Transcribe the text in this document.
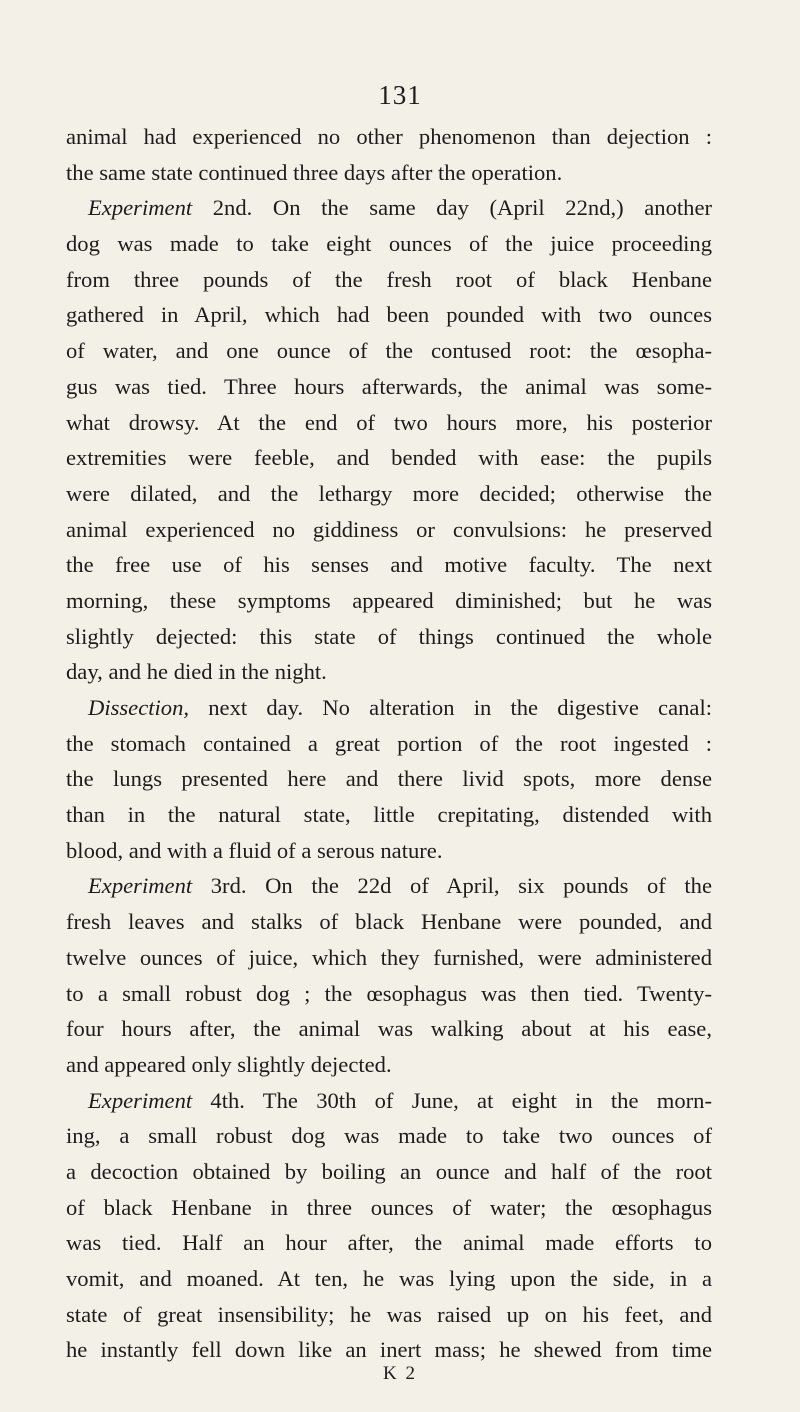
131
animal had experienced no other phenomenon than dejection :
the same state continued three days after the operation.
Experiment 2nd. On the same day (April 22nd,) another
dog was made to take eight ounces of the juice proceeding
from three pounds of the fresh root of black Henbane
gathered in April, which had been pounded with two ounces
of water, and one ounce of the contused root: the œsopha-
gus was tied. Three hours afterwards, the animal was some-
what drowsy. At the end of two hours more, his posterior
extremities were feeble, and bended with ease: the pupils
were dilated, and the lethargy more decided; otherwise the
animal experienced no giddiness or convulsions: he preserved
the free use of his senses and motive faculty. The next
morning, these symptoms appeared diminished; but he was
slightly dejected: this state of things continued the whole
day, and he died in the night.
Dissection, next day. No alteration in the digestive canal:
the stomach contained a great portion of the root ingested :
the lungs presented here and there livid spots, more dense
than in the natural state, little crepitating, distended with
blood, and with a fluid of a serous nature.
Experiment 3rd. On the 22d of April, six pounds of the
fresh leaves and stalks of black Henbane were pounded, and
twelve ounces of juice, which they furnished, were administered
to a small robust dog ; the œsophagus was then tied. Twenty-
four hours after, the animal was walking about at his ease,
and appeared only slightly dejected.
Experiment 4th. The 30th of June, at eight in the morn-
ing, a small robust dog was made to take two ounces of
a decoction obtained by boiling an ounce and half of the root
of black Henbane in three ounces of water; the œsophagus
was tied. Half an hour after, the animal made efforts to
vomit, and moaned. At ten, he was lying upon the side, in a
state of great insensibility; he was raised up on his feet, and
he instantly fell down like an inert mass; he shewed from time
K 2
